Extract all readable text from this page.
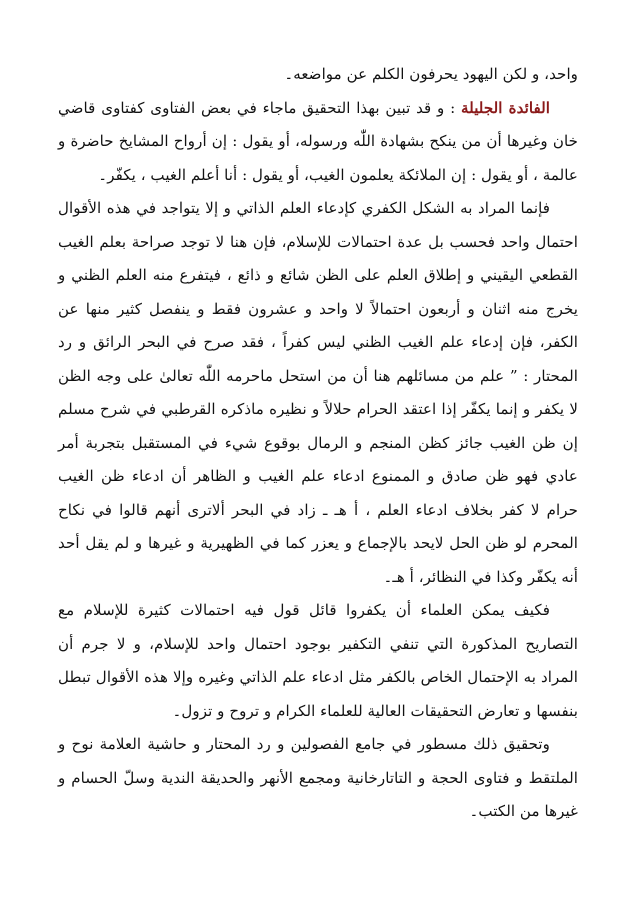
واحد، و لكن اليهود يحرفون الكلم عن مواضعه۔

الفائدة الجليلة : و قد تبين بهذا التحقيق ماجاء في بعض الفتاوى كفتاوى قاضي خان وغيرها أن من ينكح بشهادة اللّٰه ورسوله، أو يقول : إن أرواح المشايخ حاضرة و عالمة ، أو يقول : إن الملائكة يعلمون الغيب، أو يقول : أنا أعلم الغيب ، يكفّر۔

فإنما المراد به الشكل الكفري كإدعاء العلم الذاتي و إلا يتواجد في هذه الأقوال احتمال واحد فحسب بل عدة احتمالات للإسلام، فإن هنا لا توجد صراحة بعلم الغيب القطعي اليقيني و إطلاق العلم على الظن شائع و ذائع ، فيتفرع منه العلم الظني و يخرج منه اثنان و أربعون احتمالاً لا واحد و عشرون فقط و ينفصل كثير منها عن الكفر، فإن إدعاء علم الغيب الظني ليس كفراً ، فقد صرح في البحر الرائق و رد المحتار : ” علم من مسائلهم هنا أن من استحل ماحرمه اللّٰه تعالىٰ على وجه الظن لا يكفر و إنما يكفّر إذا اعتقد الحرام حلالاً و نظيره ماذكره القرطبي في شرح مسلم إن ظن الغيب جائز كظن المنجم و الرمال بوقوع شيء في المستقبل بتجربة أمر عادي فهو ظن صادق و الممنوع ادعاء علم الغيب و الظاهر أن ادعاء ظن الغيب حرام لا كفر بخلاف ادعاء العلم ، أ هـ ـ زاد في البحر ألاترى أنهم قالوا في نكاح المحرم لو ظن الحل لايحد بالإجماع و يعزر كما في الظهيرية و غيرها و لم يقل أحد أنه يكفّر وكذا في النظائر، أ هـ۔

فكيف يمكن العلماء أن يكفروا قائل قول فيه احتمالات كثيرة للإسلام مع التصاريح المذكورة التي تنفي التكفير بوجود احتمال واحد للإسلام، و لا جرم أن المراد به الإحتمال الخاص بالكفر مثل ادعاء علم الذاتي وغيره وإلا هذه الأقوال تبطل بنفسها و تعارض التحقيقات العالية للعلماء الكرام و تروح و تزول۔

وتحقيق ذلك مسطور في جامع الفصولين و رد المحتار و حاشية العلامة نوح و الملتقط و فتاوى الحجة و التاتارخانية ومجمع الأنهر والحديقة الندية وسلّ الحسام و غيرها من الكتب۔
